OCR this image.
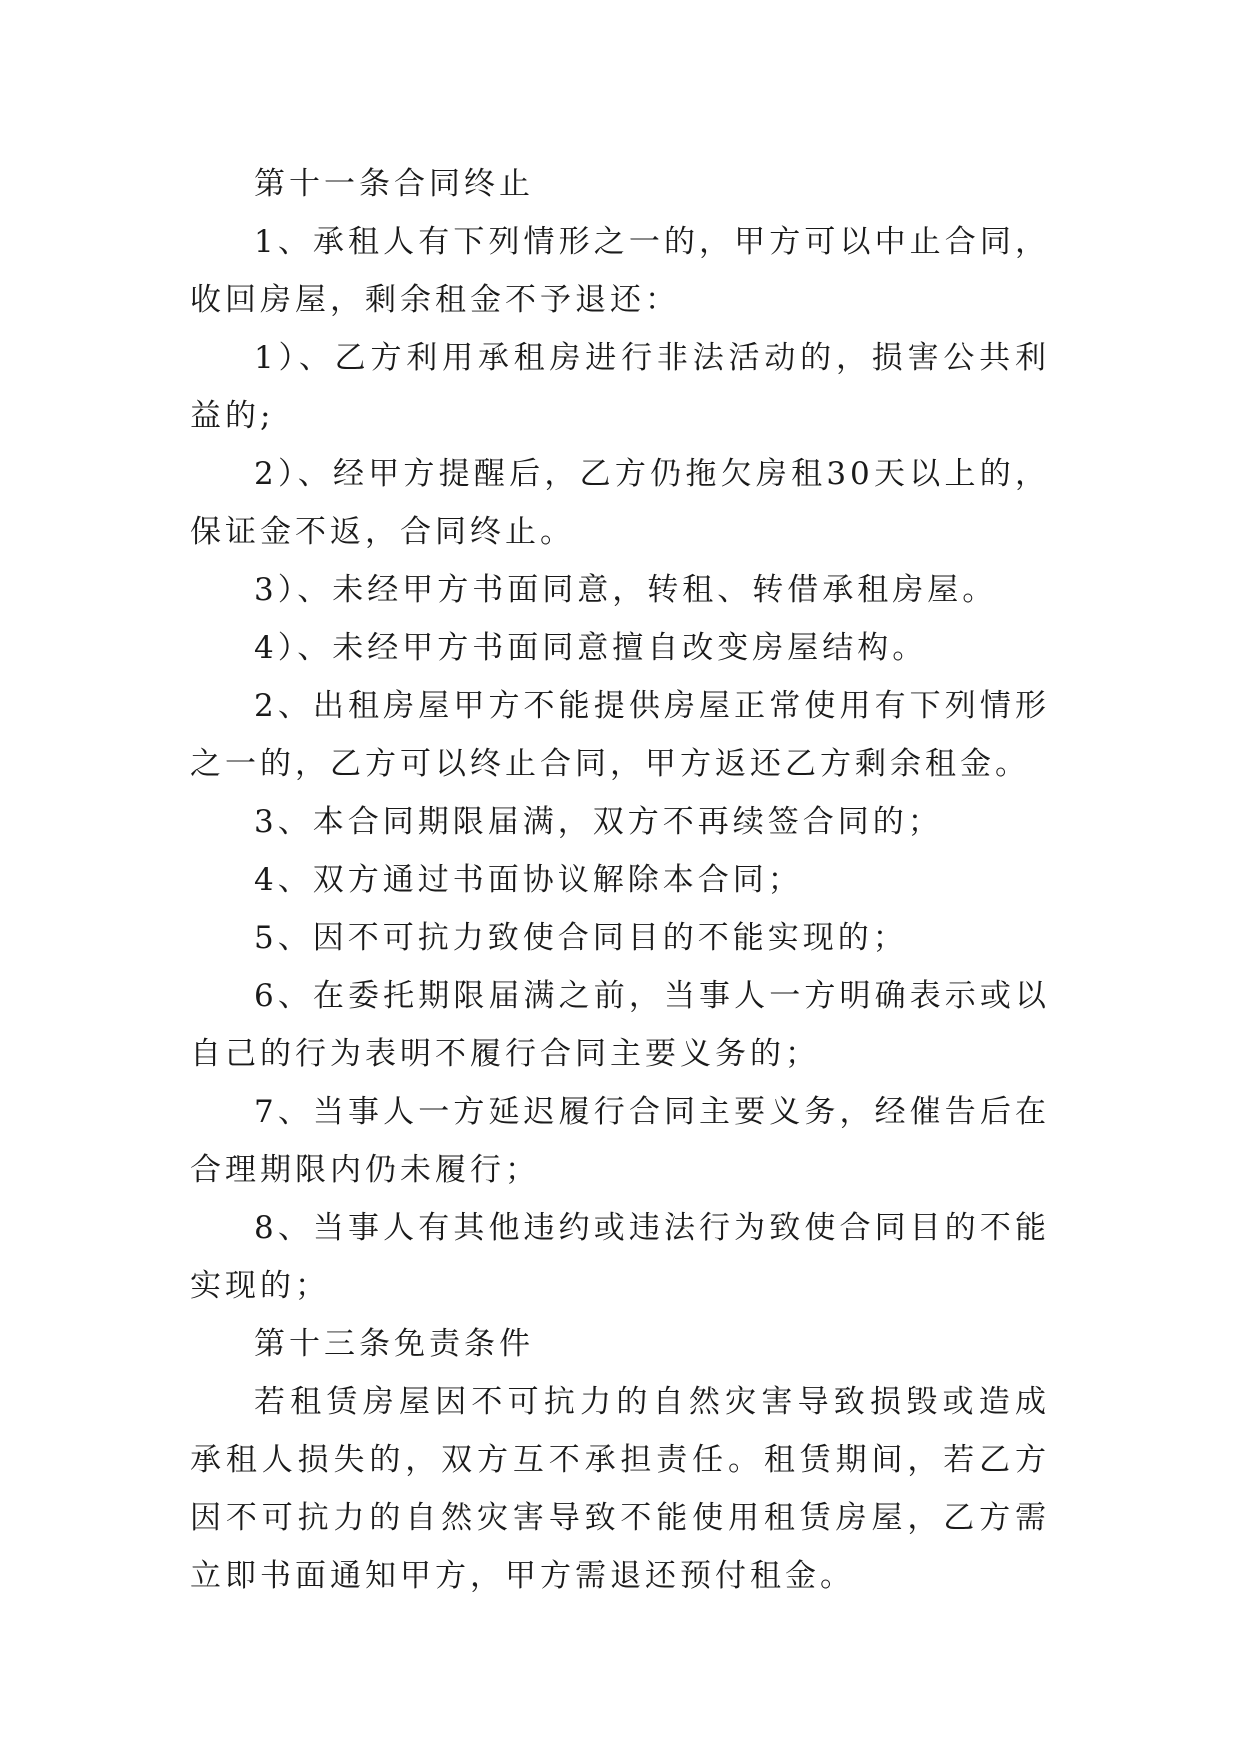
第十一条合同终止

1、承租人有下列情形之一的，甲方可以中止合同，收回房屋，剩余租金不予退还：

1）、乙方利用承租房进行非法活动的，损害公共利益的;

2）、经甲方提醒后，乙方仍拖欠房租30天以上的，保证金不返，合同终止。

3）、未经甲方书面同意，转租、转借承租房屋。

4）、未经甲方书面同意擅自改变房屋结构。

2、出租房屋甲方不能提供房屋正常使用有下列情形之一的，乙方可以终止合同，甲方返还乙方剩余租金。

3、本合同期限届满，双方不再续签合同的；

4、双方通过书面协议解除本合同；

5、因不可抗力致使合同目的不能实现的；

6、在委托期限届满之前，当事人一方明确表示或以自己的行为表明不履行合同主要义务的；

7、当事人一方延迟履行合同主要义务，经催告后在合理期限内仍未履行；

8、当事人有其他违约或违法行为致使合同目的不能实现的；

第十三条免责条件

若租赁房屋因不可抗力的自然灾害导致损毁或造成承租人损失的，双方互不承担责任。租赁期间，若乙方因不可抗力的自然灾害导致不能使用租赁房屋，乙方需立即书面通知甲方，甲方需退还预付租金。
